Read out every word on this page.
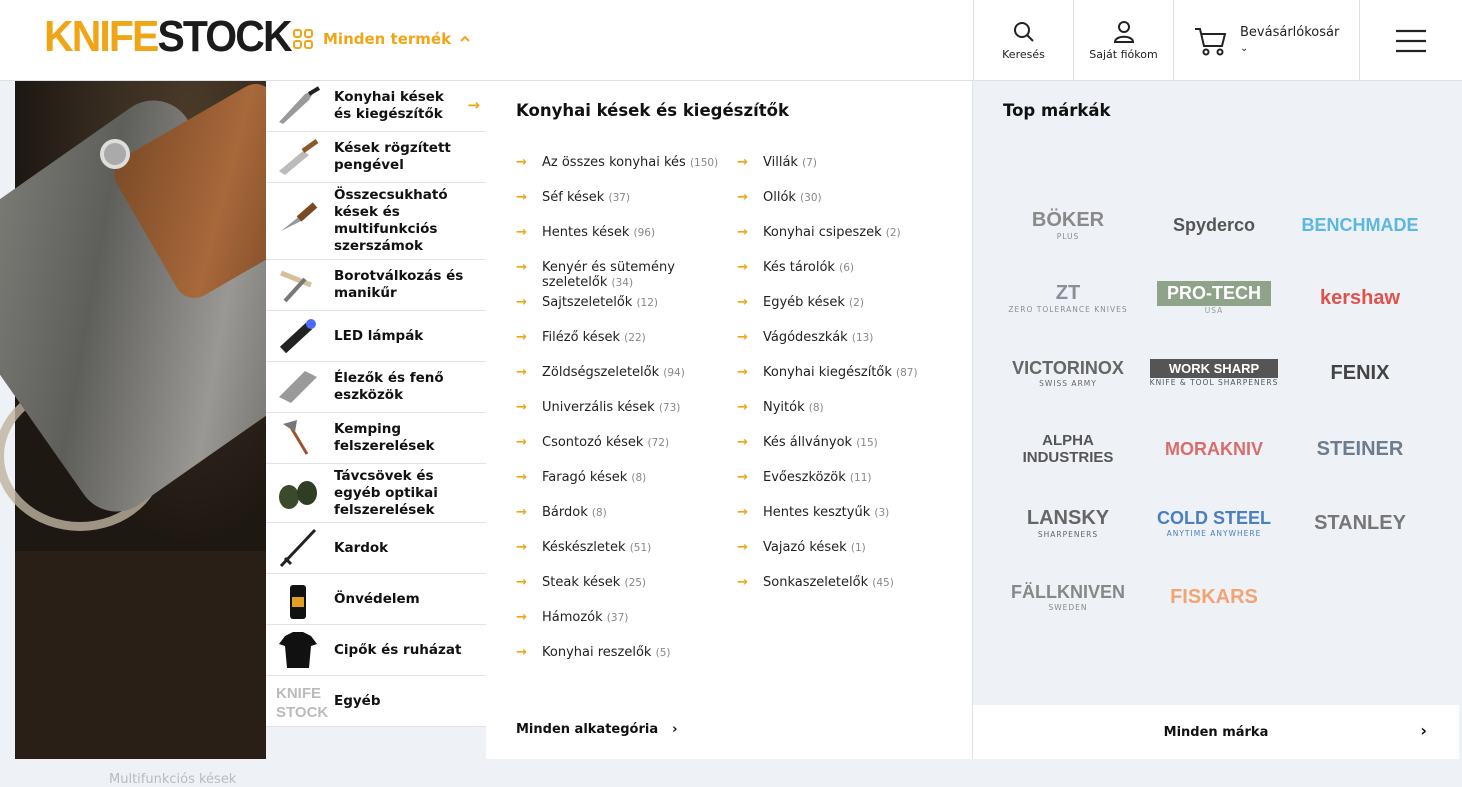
KNIFESTOCK Minden termék
Keresés	Saját fiókom
Bevásárlókosár
⌄
Konyhai kések és kiegészítők	→
Kések rögzített pengével
Összecsukható kések és multifunkciós szerszámok
Borotválkozás és manikűr
LED lámpák
Élezők és fenő eszközök
Kemping felszerelések
Távcsövek és egyéb optikai felszerelések
Kardok
Önvédelem
Cipők és ruházat
KNIFE
STOCK
Egyéb
Konyhai kések és kiegészítők
→ Az összes konyhai kés (150)
→ Séf kések (37)
→ Hentes kések (96)
→ Kenyér és sütemény szeletelők (34)
→ Sajtszeletelők (12)
→ Filéző kések (22)
→ Zöldségszeletelők (94)
→ Univerzális kések (73)
→ Csontozó kések (72)
→ Faragó kések (8)
→ Bárdok (8)
→ Késkészletek (51)
→ Steak kések (25)
→ Hámozók (37)
→ Konyhai reszelők (5)
→ Villák (7)
→ Ollók (30)
→ Konyhai csipeszek (2)
→ Kés tárolók (6)
→ Egyéb kések (2)
→ Vágódeszkák (13)
→ Konyhai kiegészítők (87)
→ Nyitók (8)
→ Kés állványok (15)
→ Evőeszközök (11)
→ Hentes kesztyűk (3)
→ Vajazó kések (1)
→ Sonkaszeletelők (45)
Minden alkategória ›
Top márkák
BÖKER
PLUS
Spyderco	BENCHMADE
ZT
ZERO TOLERANCE KNIVES
PRO-TECH
USA
kershaw
VICTORINOX
SWISS ARMY
WORK SHARP
KNIFE & TOOL SHARPENERS	FENIX
ALPHA INDUSTRIES	MORAKNIV	STEINER
LANSKY
SHARPENERS
COLD STEEL
ANYTIME ANYWHERE	STANLEY
FÄLLKNIVEN
SWEDEN	FISKARS
Minden márka	›
Multifunkciós kések
